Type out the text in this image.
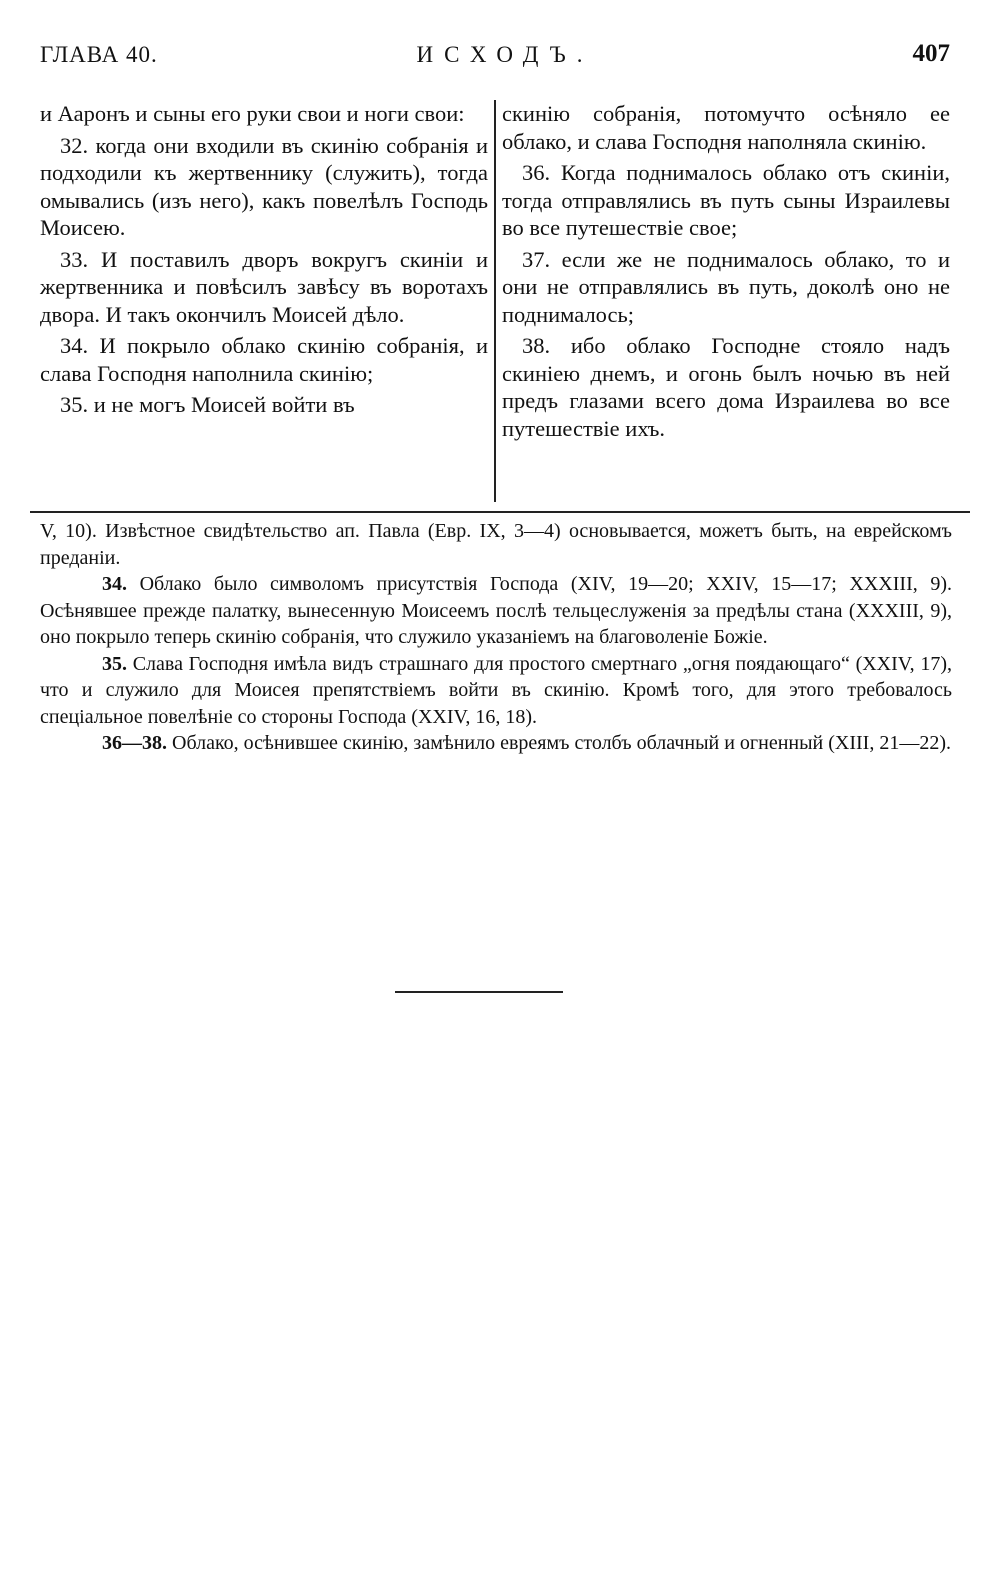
ГЛАВА 40.	ИСХОДЪ.	407

и Ааронъ и сыны его руки свои и ноги свои:

32. когда они входили въ скинію собранія и подходили къ жертвеннику (служить), тогда омывались (изъ него), какъ повелѣлъ Господь Моисею.

33. И поставилъ дворъ вокругъ скиніи и жертвенника и повѣсилъ завѣсу въ воротахъ двора. И такъ окончилъ Моисей дѣло.

34. И покрыло облако скинію собранія, и слава Господня наполнила скинію;

35. и не могъ Моисей войти въ

скинію собранія, потомучто осѣняло ее облако, и слава Господня наполняла скинію.

36. Когда поднималось облако отъ скиніи, тогда отправлялись въ путь сыны Израилевы во все путешествіе свое;

37. если же не поднималось облако, то и они не отправлялись въ путь, доколѣ оно не поднималось;

38. ибо облако Господне стояло надъ скиніею днемъ, и огонь былъ ночью въ ней предъ глазами всего дома Израилева во все путешествіе ихъ.

V, 10). Извѣстное свидѣтельство ап. Павла (Евр. IX, 3—4) основывается, можетъ быть, на еврейскомъ преданіи.

34. Облако было символомъ присутствія Господа (XIV, 19—20; XXIV, 15—17; XXXIII, 9). Осѣнявшее прежде палатку, вынесенную Моисеемъ послѣ тельцеслуженія за предѣлы стана (XXXIII, 9), оно покрыло теперь скинію собранія, что служило указаніемъ на благоволеніе Божіе.

35. Слава Господня имѣла видъ страшнаго для простого смертнаго „огня поядающаго“ (XXIV, 17), что и служило для Моисея препятствіемъ войти въ скинію. Кромѣ того, для этого требовалось спеціальное повелѣніе со стороны Господа (XXIV, 16, 18).

36—38. Облако, осѣнившее скинію, замѣнило евреямъ столбъ облачный и огненный (XIII, 21—22).
